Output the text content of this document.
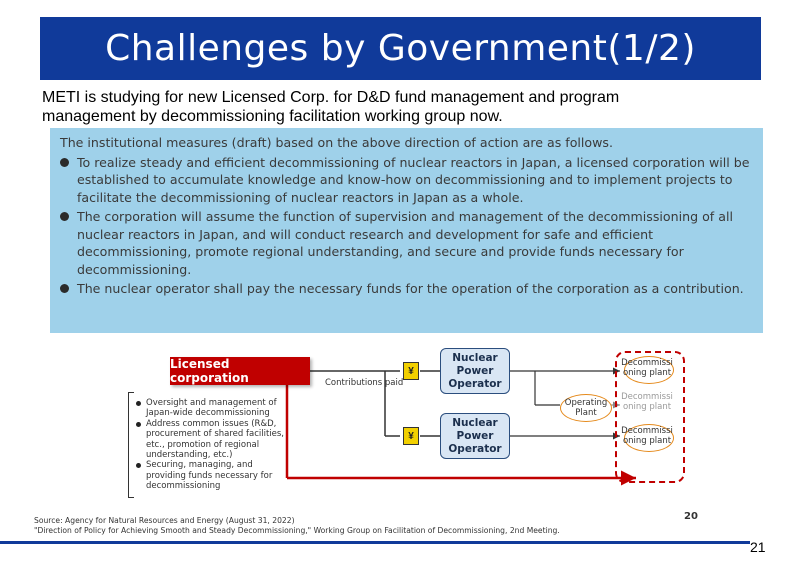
Challenges by Government(1/2)
METI is studying for new Licensed Corp. for D&D fund management and program
management by decommissioning facilitation working group now.
The institutional measures (draft) based on the above direction of action are as follows.
To realize steady and efficient decommissioning of nuclear reactors in Japan, a licensed corporation will be established to accumulate knowledge and know-how on decommissioning and to implement projects to facilitate the decommissioning of nuclear reactors in Japan as a whole.
The corporation will assume the function of supervision and management of the decommissioning of all nuclear reactors in Japan, and will conduct research and development for safe and efficient decommissioning, promote regional understanding, and secure and provide funds necessary for decommissioning.
The nuclear operator shall pay the necessary funds for the operation of the corporation as a contribution.
Licensed corporation	Contributions paid
¥
¥
Nuclear Power Operator
Nuclear Power Operator
Operating Plant
Decommissi oning plant
Decommissi oning plant
Decommissi oning plant
Oversight and management of Japan-wide decommissioning
Address common issues (R&D, procurement of shared facilities, etc., promotion of regional understanding, etc.)
Securing, managing, and providing funds necessary for decommissioning
20
Source: Agency for Natural Resources and Energy (August 31, 2022)
"Direction of Policy for Achieving Smooth and Steady Decommissioning," Working Group on Facilitation of Decommissioning, 2nd Meeting.
21
